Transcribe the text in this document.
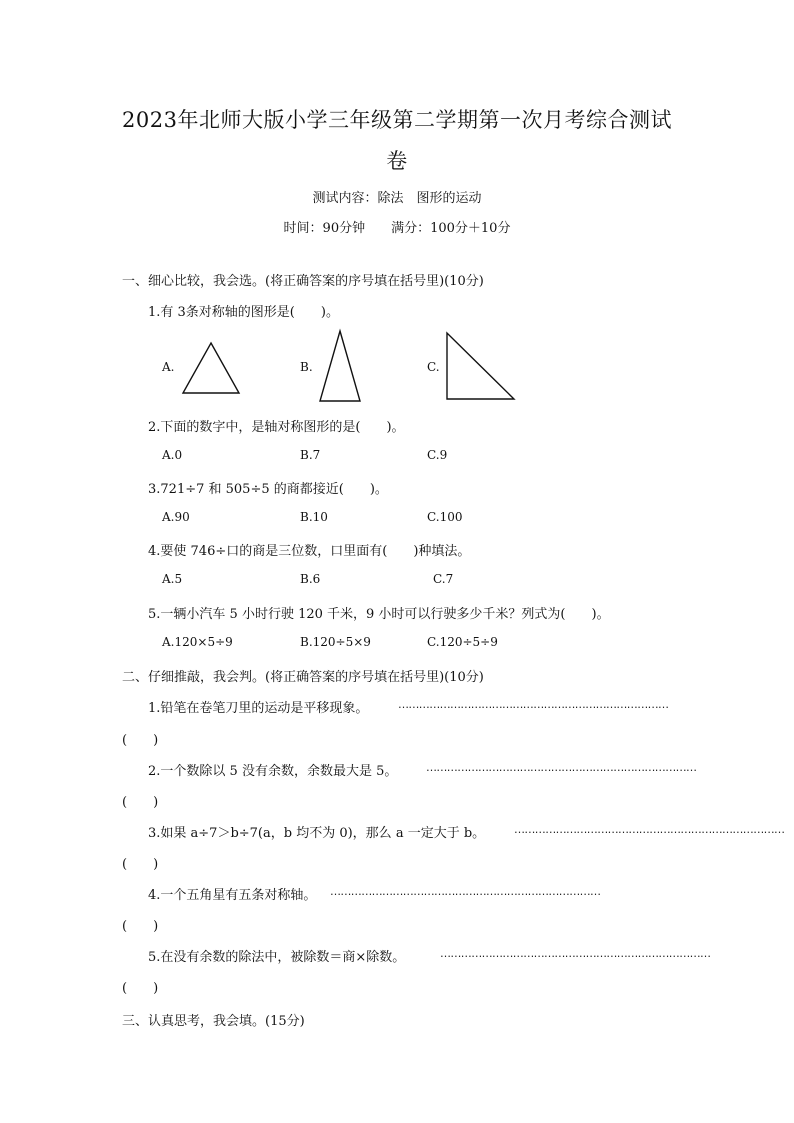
2023年北师大版小学三年级第二学期第一次月考综合测试
卷
测试内容：除法　图形的运动
时间：90分钟　　满分：100分＋10分
一、细心比较，我会选。(将正确答案的序号填在括号里)(10分)
1.有 3条对称轴的图形是(　　)。
A.	B.	C.
2.下面的数字中，是轴对称图形的是(　　)。
A.0	B.7	C.9
3.721÷7 和 505÷5 的商都接近(　　)。
A.90	B.10	C.100
4.要使 746÷口的商是三位数，口里面有(　　)种填法。
A.5	B.6	C.7
5.一辆小汽车 5 小时行驶 120 千米，9 小时可以行驶多少千米？列式为(　　)。
A.120×5÷9	B.120÷5×9	C.120÷5÷9
二、仔细推敲，我会判。(将正确答案的序号填在括号里)(10分)
1.铅笔在卷笔刀里的运动是平移现象。	……………………………………………………………………
(　　)
2.一个数除以 5 没有余数，余数最大是 5。	……………………………………………………………………
(　　)
3.如果 a÷7＞b÷7(a，b 均不为 0)，那么 a 一定大于 b。	……………………………………………………………………
(　　)
4.一个五角星有五条对称轴。 ……………………………………………………………………
(　　)
5.在没有余数的除法中，被除数＝商×除数。	……………………………………………………………………
(　　)
三、认真思考，我会填。(15分)
